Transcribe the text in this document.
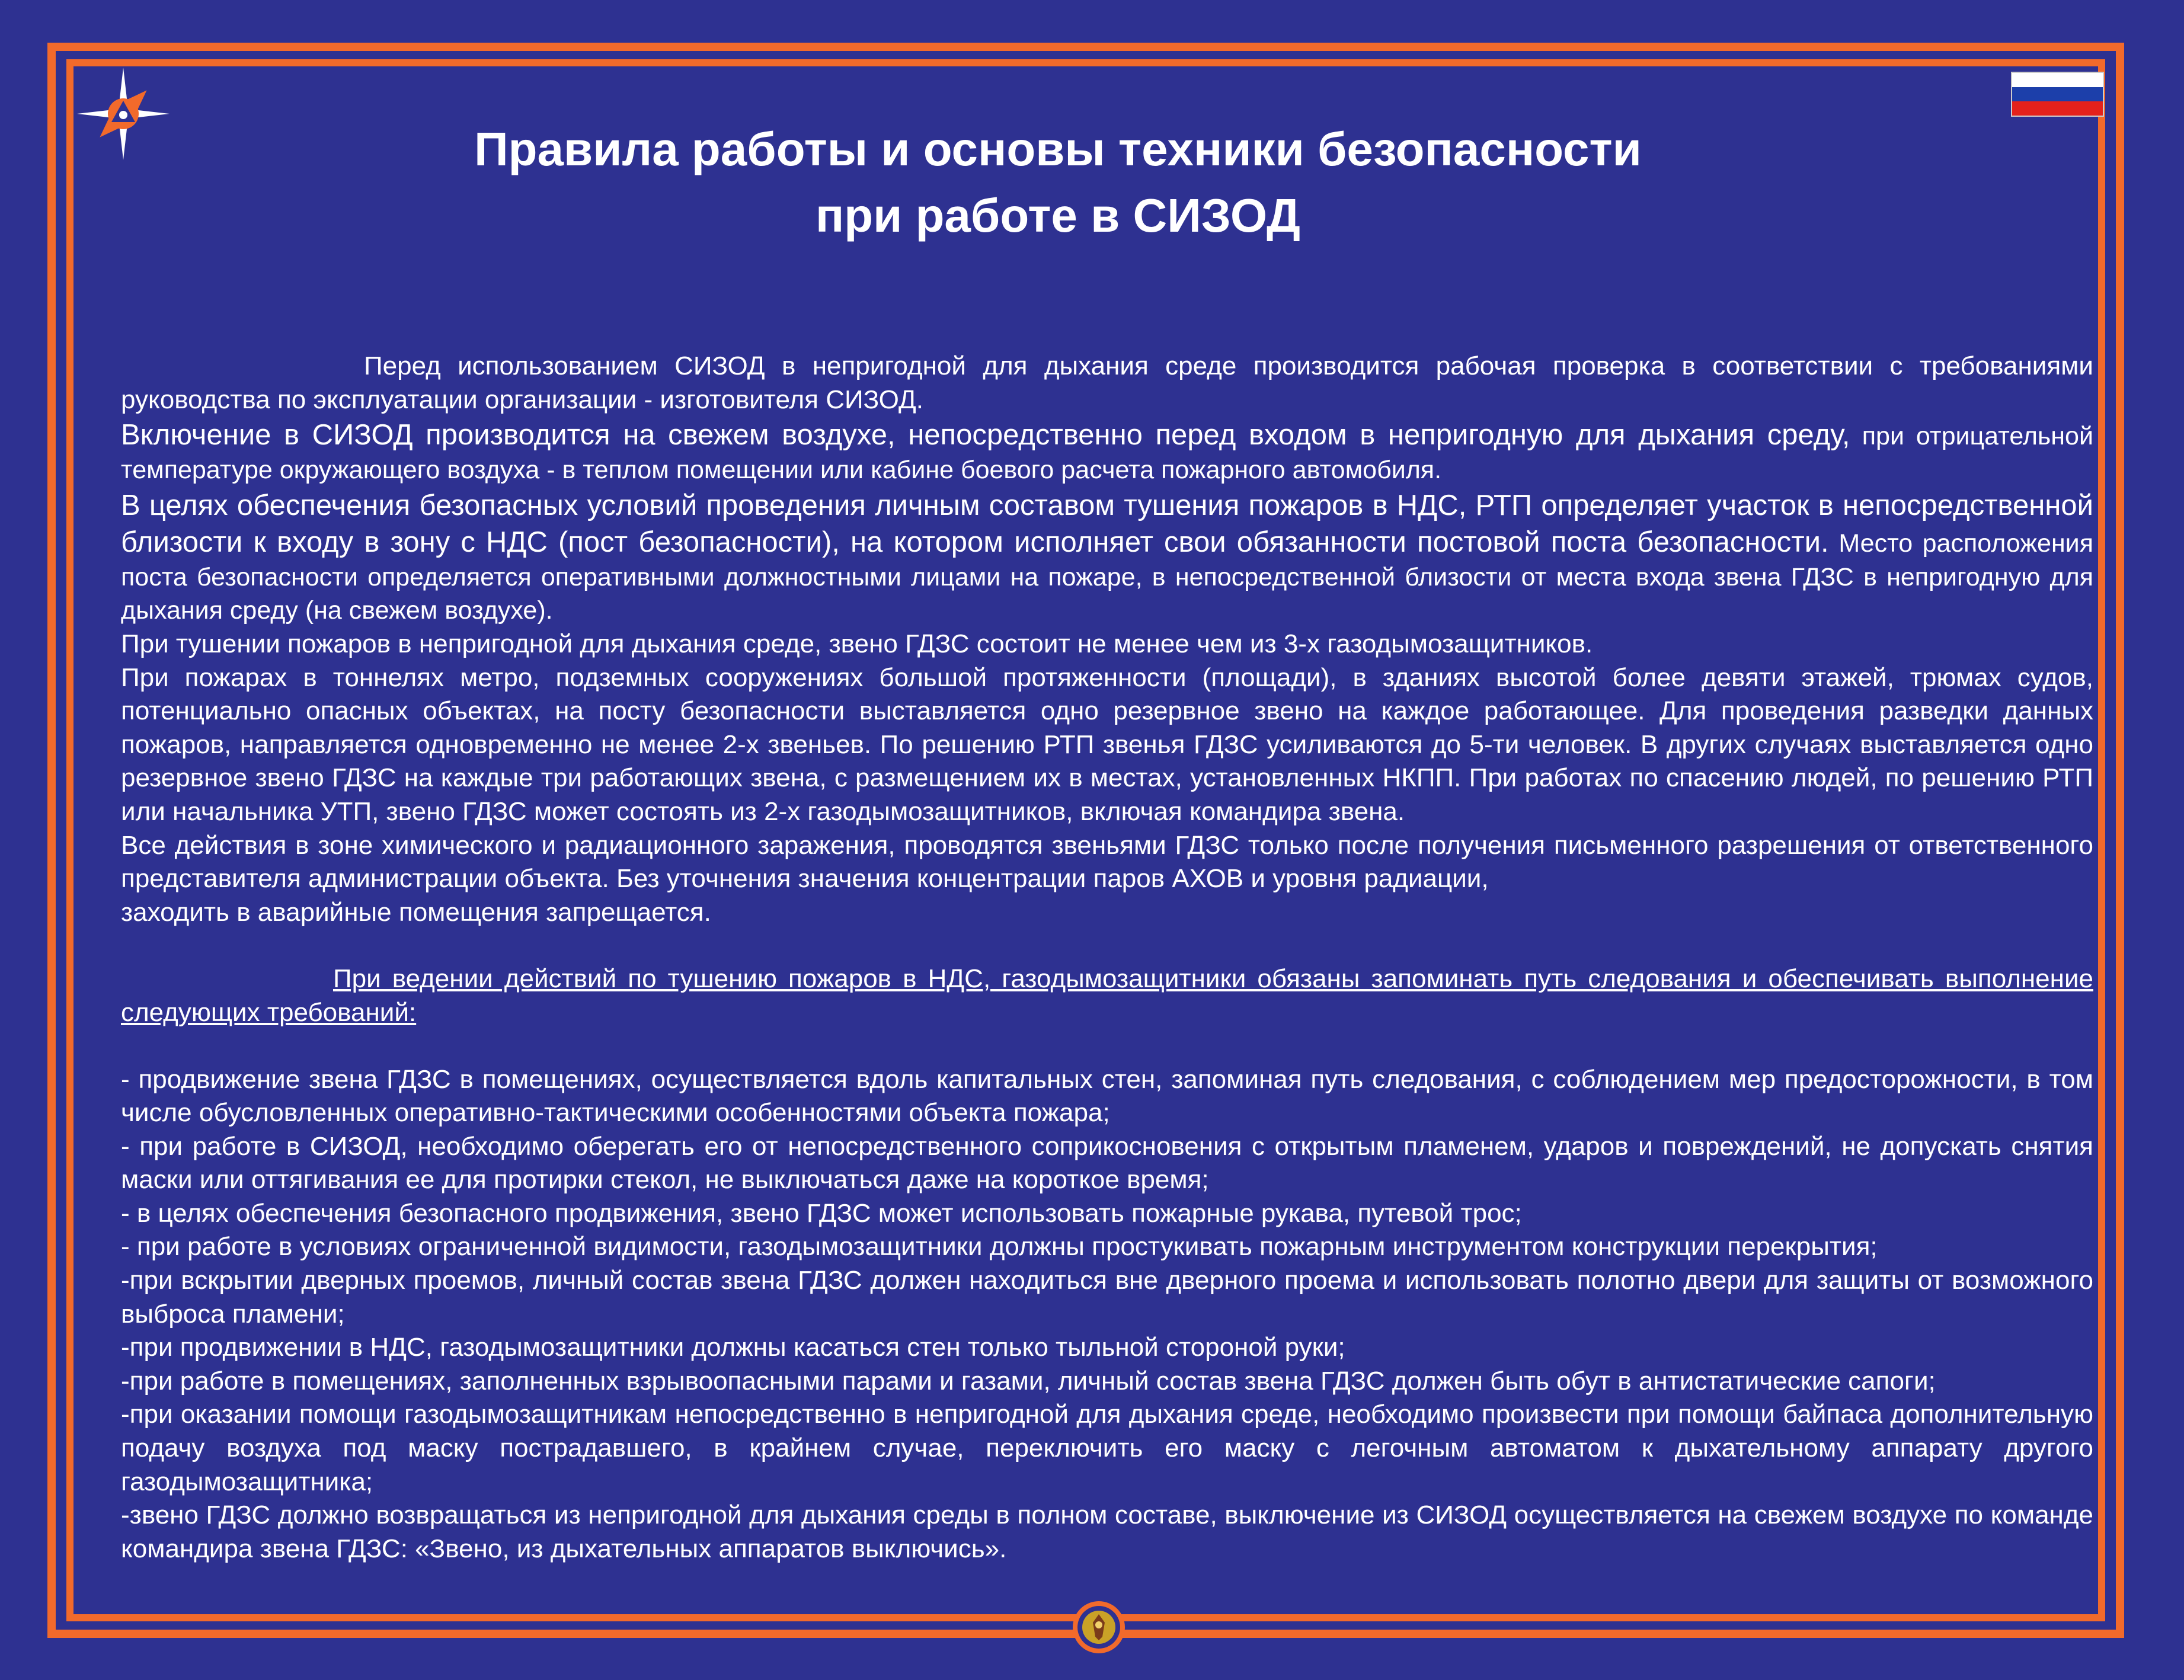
Правила работы и основы техники безопасности
при работе в СИЗОД

Перед использованием СИЗОД в непригодной для дыхания среде производится рабочая проверка в соответствии с требованиями руководства по эксплуатации организации - изготовителя СИЗОД.

Включение в СИЗОД производится на свежем воздухе, непосредственно перед входом в непригодную для дыхания среду, при отрицательной температуре окружающего воздуха - в теплом помещении или кабине боевого расчета пожарного автомобиля.

В целях обеспечения безопасных условий проведения личным составом тушения пожаров в НДС, РТП определяет участок в непосредственной близости к входу в зону с НДС (пост безопасности), на котором исполняет свои обязанности постовой поста безопасности. Место расположения поста безопасности определяется оперативными должностными лицами на пожаре, в непосредственной близости от места входа звена ГДЗС в непригодную для дыхания среду (на свежем воздухе).

При тушении пожаров в непригодной для дыхания среде, звено ГДЗС состоит не менее чем из 3-х газодымозащитников.

При пожарах в тоннелях метро, подземных сооружениях большой протяженности (площади), в зданиях высотой более девяти этажей, трюмах судов, потенциально опасных объектах, на посту безопасности выставляется одно резервное звено на каждое работающее. Для проведения разведки данных пожаров, направляется одновременно не менее 2-х звеньев. По решению РТП звенья ГДЗС усиливаются до 5-ти человек. В других случаях выставляется одно резервное звено ГДЗС на каждые три работающих звена, с размещением их в местах, установленных НКПП. При работах по спасению людей, по решению РТП или начальника УТП, звено ГДЗС может состоять из 2-х газодымозащитников, включая командира звена.

Все действия в зоне химического и радиационного заражения, проводятся звеньями ГДЗС только после получения письменного разрешения от ответственного представителя администрации объекта. Без уточнения значения концентрации паров АХОВ и уровня радиации,

заходить в аварийные помещения запрещается.

При ведении действий по тушению пожаров в НДС, газодымозащитники обязаны запоминать путь следования и обеспечивать выполнение следующих требований:

- продвижение звена ГДЗС в помещениях, осуществляется вдоль капитальных стен, запоминая путь следования, с соблюдением мер предосторожности, в том числе обусловленных оперативно-тактическими особенностями объекта пожара;

- при работе в СИЗОД, необходимо оберегать его от непосредственного соприкосновения с открытым пламенем, ударов и повреждений, не допускать снятия маски или оттягивания ее для протирки стекол, не выключаться даже на короткое время;

- в целях обеспечения безопасного продвижения, звено ГДЗС может использовать пожарные рукава, путевой трос;

- при работе в условиях ограниченной видимости, газодымозащитники должны простукивать пожарным инструментом конструкции перекрытия;

-при вскрытии дверных проемов, личный состав звена ГДЗС должен находиться вне дверного проема и использовать полотно двери для защиты от возможного выброса пламени;

-при продвижении в НДС, газодымозащитники должны касаться стен только тыльной стороной руки;

-при работе в помещениях, заполненных взрывоопасными парами и газами, личный состав звена ГДЗС должен быть обут в антистатические сапоги;

-при оказании помощи газодымозащитникам непосредственно в непригодной для дыхания среде, необходимо произвести при помощи байпаса дополнительную подачу воздуха под маску пострадавшего, в крайнем случае, переключить его маску с легочным автоматом к дыхательному аппарату другого газодымозащитника;

-звено ГДЗС должно возвращаться из непригодной для дыхания среды в полном составе, выключение из СИЗОД осуществляется на свежем воздухе по команде командира звена ГДЗС: «Звено, из дыхательных аппаратов выключись».
